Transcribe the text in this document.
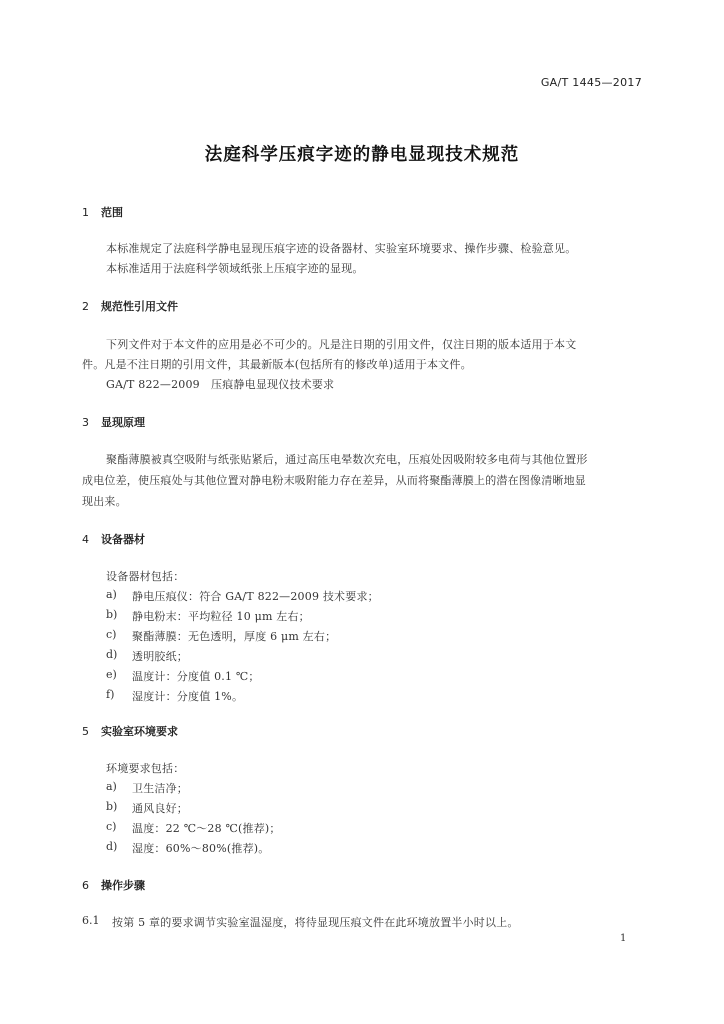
GA/T 1445—2017
法庭科学压痕字迹的静电显现技术规范
1 范围
本标准规定了法庭科学静电显现压痕字迹的设备器材、实验室环境要求、操作步骤、检验意见。
本标准适用于法庭科学领域纸张上压痕字迹的显现。
2 规范性引用文件
下列文件对于本文件的应用是必不可少的。凡是注日期的引用文件，仅注日期的版本适用于本文
件。凡是不注日期的引用文件，其最新版本(包括所有的修改单)适用于本文件。
GA/T 822—2009　压痕静电显现仪技术要求
3 显现原理
聚酯薄膜被真空吸附与纸张贴紧后，通过高压电晕数次充电，压痕处因吸附较多电荷与其他位置形
成电位差，使压痕处与其他位置对静电粉末吸附能力存在差异，从而将聚酯薄膜上的潜在图像清晰地显
现出来。
4 设备器材
设备器材包括：
a) 静电压痕仪：符合 GA/T 822—2009 技术要求；
b) 静电粉末：平均粒径 10 μm 左右；
c) 聚酯薄膜：无色透明，厚度 6 μm 左右；
d) 透明胶纸；
e) 温度计：分度值 0.1 ℃；
f) 湿度计：分度值 1%。
5 实验室环境要求
环境要求包括：
a) 卫生洁净；
b) 通风良好；
c) 温度：22 ℃～28 ℃(推荐)；
d) 湿度：60%～80%(推荐)。
6 操作步骤
6.1 按第 5 章的要求调节实验室温湿度，将待显现压痕文件在此环境放置半小时以上。
1
